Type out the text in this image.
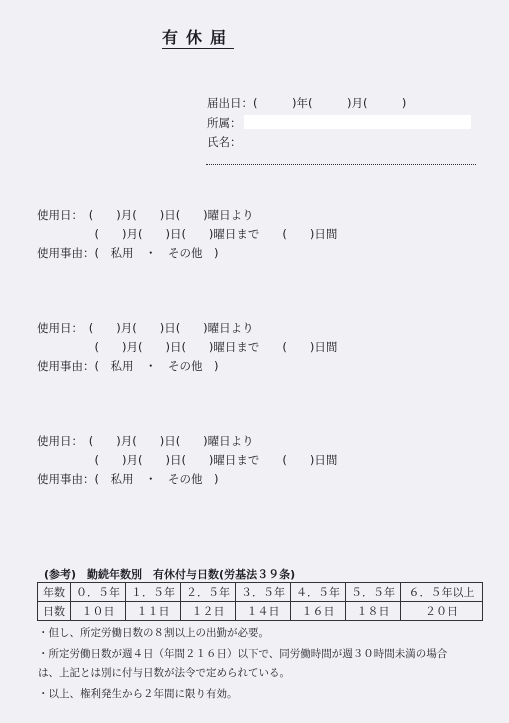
有休届
届出日：(　　　)年(　　　)月(　　　)
所属：
氏名：
使用日：　(　　)月(　　)日(　　)曜日より
　　　　　(　　)月(　　)日(　　)曜日まで　　(　　)日間
使用事由：(　私用　・　その他　)
使用日：　(　　)月(　　)日(　　)曜日より
　　　　　(　　)月(　　)日(　　)曜日まで　　(　　)日間
使用事由：(　私用　・　その他　)
使用日：　(　　)月(　　)日(　　)曜日より
　　　　　(　　)月(　　)日(　　)曜日まで　　(　　)日間
使用事由：(　私用　・　その他　)
(参考)　勤続年数別　有休付与日数(労基法３９条)
年数	０．５年	１．５年	２．５年	３．５年	４．５年	５．５年	６．５年以上
日数	１０日	１１日	１２日	１４日	１６日	１８日	２０日
・但し、所定労働日数の８割以上の出勤が必要。
・所定労働日数が週４日（年間２１６日）以下で、同労働時間が週３０時間未満の場合
は、上記とは別に付与日数が法令で定められている。
・以上、権利発生から２年間に限り有効。
